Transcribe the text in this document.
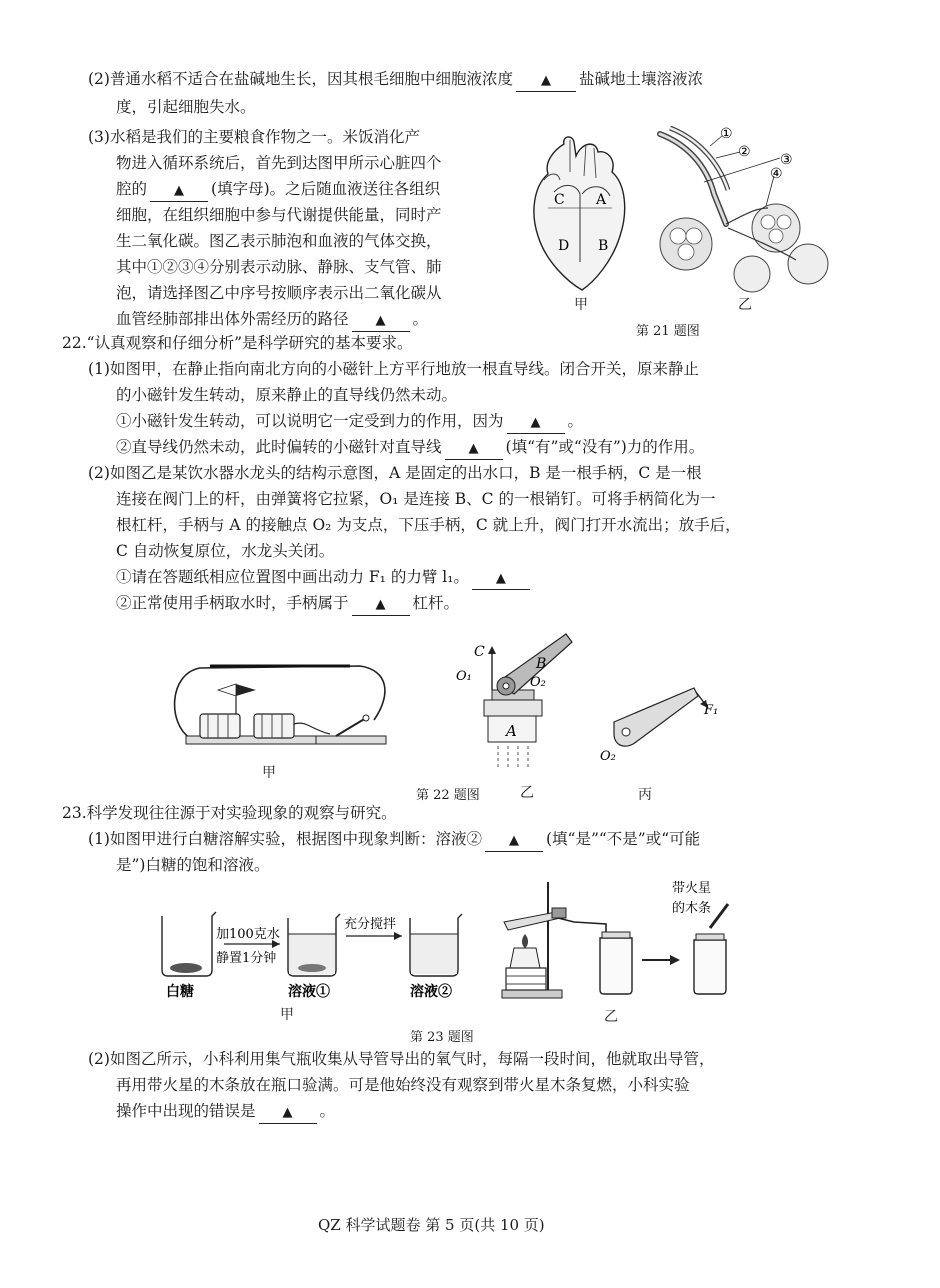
(2)普通水稻不适合在盐碱地生长，因其根毛细胞中细胞液浓度 ▲ 盐碱地土壤溶液浓
度，引起细胞失水。
(3)水稻是我们的主要粮食作物之一。米饭消化产
物进入循环系统后，首先到达图甲所示心脏四个
腔的 ▲ (填字母)。之后随血液送往各组织
细胞，在组织细胞中参与代谢提供能量，同时产
生二氧化碳。图乙表示肺泡和血液的气体交换，
其中①②③④分别表示动脉、静脉、支气管、肺
泡，请选择图乙中序号按顺序表示出二氧化碳从
血管经肺部排出体外需经历的路径 ▲ 。
C A
D B
甲
①
② ③
④
乙
第 21 题图
22.“认真观察和仔细分析”是科学研究的基本要求。
(1)如图甲，在静止指向南北方向的小磁针上方平行地放一根直导线。闭合开关，原来静止
的小磁针发生转动，原来静止的直导线仍然未动。
①小磁针发生转动，可以说明它一定受到力的作用，因为 ▲ 。
②直导线仍然未动，此时偏转的小磁针对直导线 ▲ (填“有”或“没有”)力的作用。
(2)如图乙是某饮水器水龙头的结构示意图，A 是固定的出水口，B 是一根手柄，C 是一根
连接在阀门上的杆，由弹簧将它拉紧，O₁ 是连接 B、C 的一根销钉。可将手柄简化为一
根杠杆，手柄与 A 的接触点 O₂ 为支点，下压手柄，C 就上升，阀门打开水流出；放手后，
C 自动恢复原位，水龙头关闭。
①请在答题纸相应位置图中画出动力 F₁ 的力臂 l₁。 ▲
②正常使用手柄取水时，手柄属于 ▲ 杠杆。
甲
C
B
O₁	O₂
A
乙
F₁
O₂
丙
第 22 题图
23.科学发现往往源于对实验现象的观察与研究。
(1)如图甲进行白糖溶解实验，根据图中现象判断：溶液② ▲ (填“是”“不是”或“可能
是”)白糖的饱和溶液。
加100克水
静置1分钟
充分搅拌
白糖	溶液①	溶液②
甲
带火星
的木条
乙
第 23 题图
(2)如图乙所示，小科利用集气瓶收集从导管导出的氧气时，每隔一段时间，他就取出导管，
再用带火星的木条放在瓶口验满。可是他始终没有观察到带火星木条复燃，小科实验
操作中出现的错误是 ▲ 。
QZ 科学试题卷 第 5 页(共 10 页)
